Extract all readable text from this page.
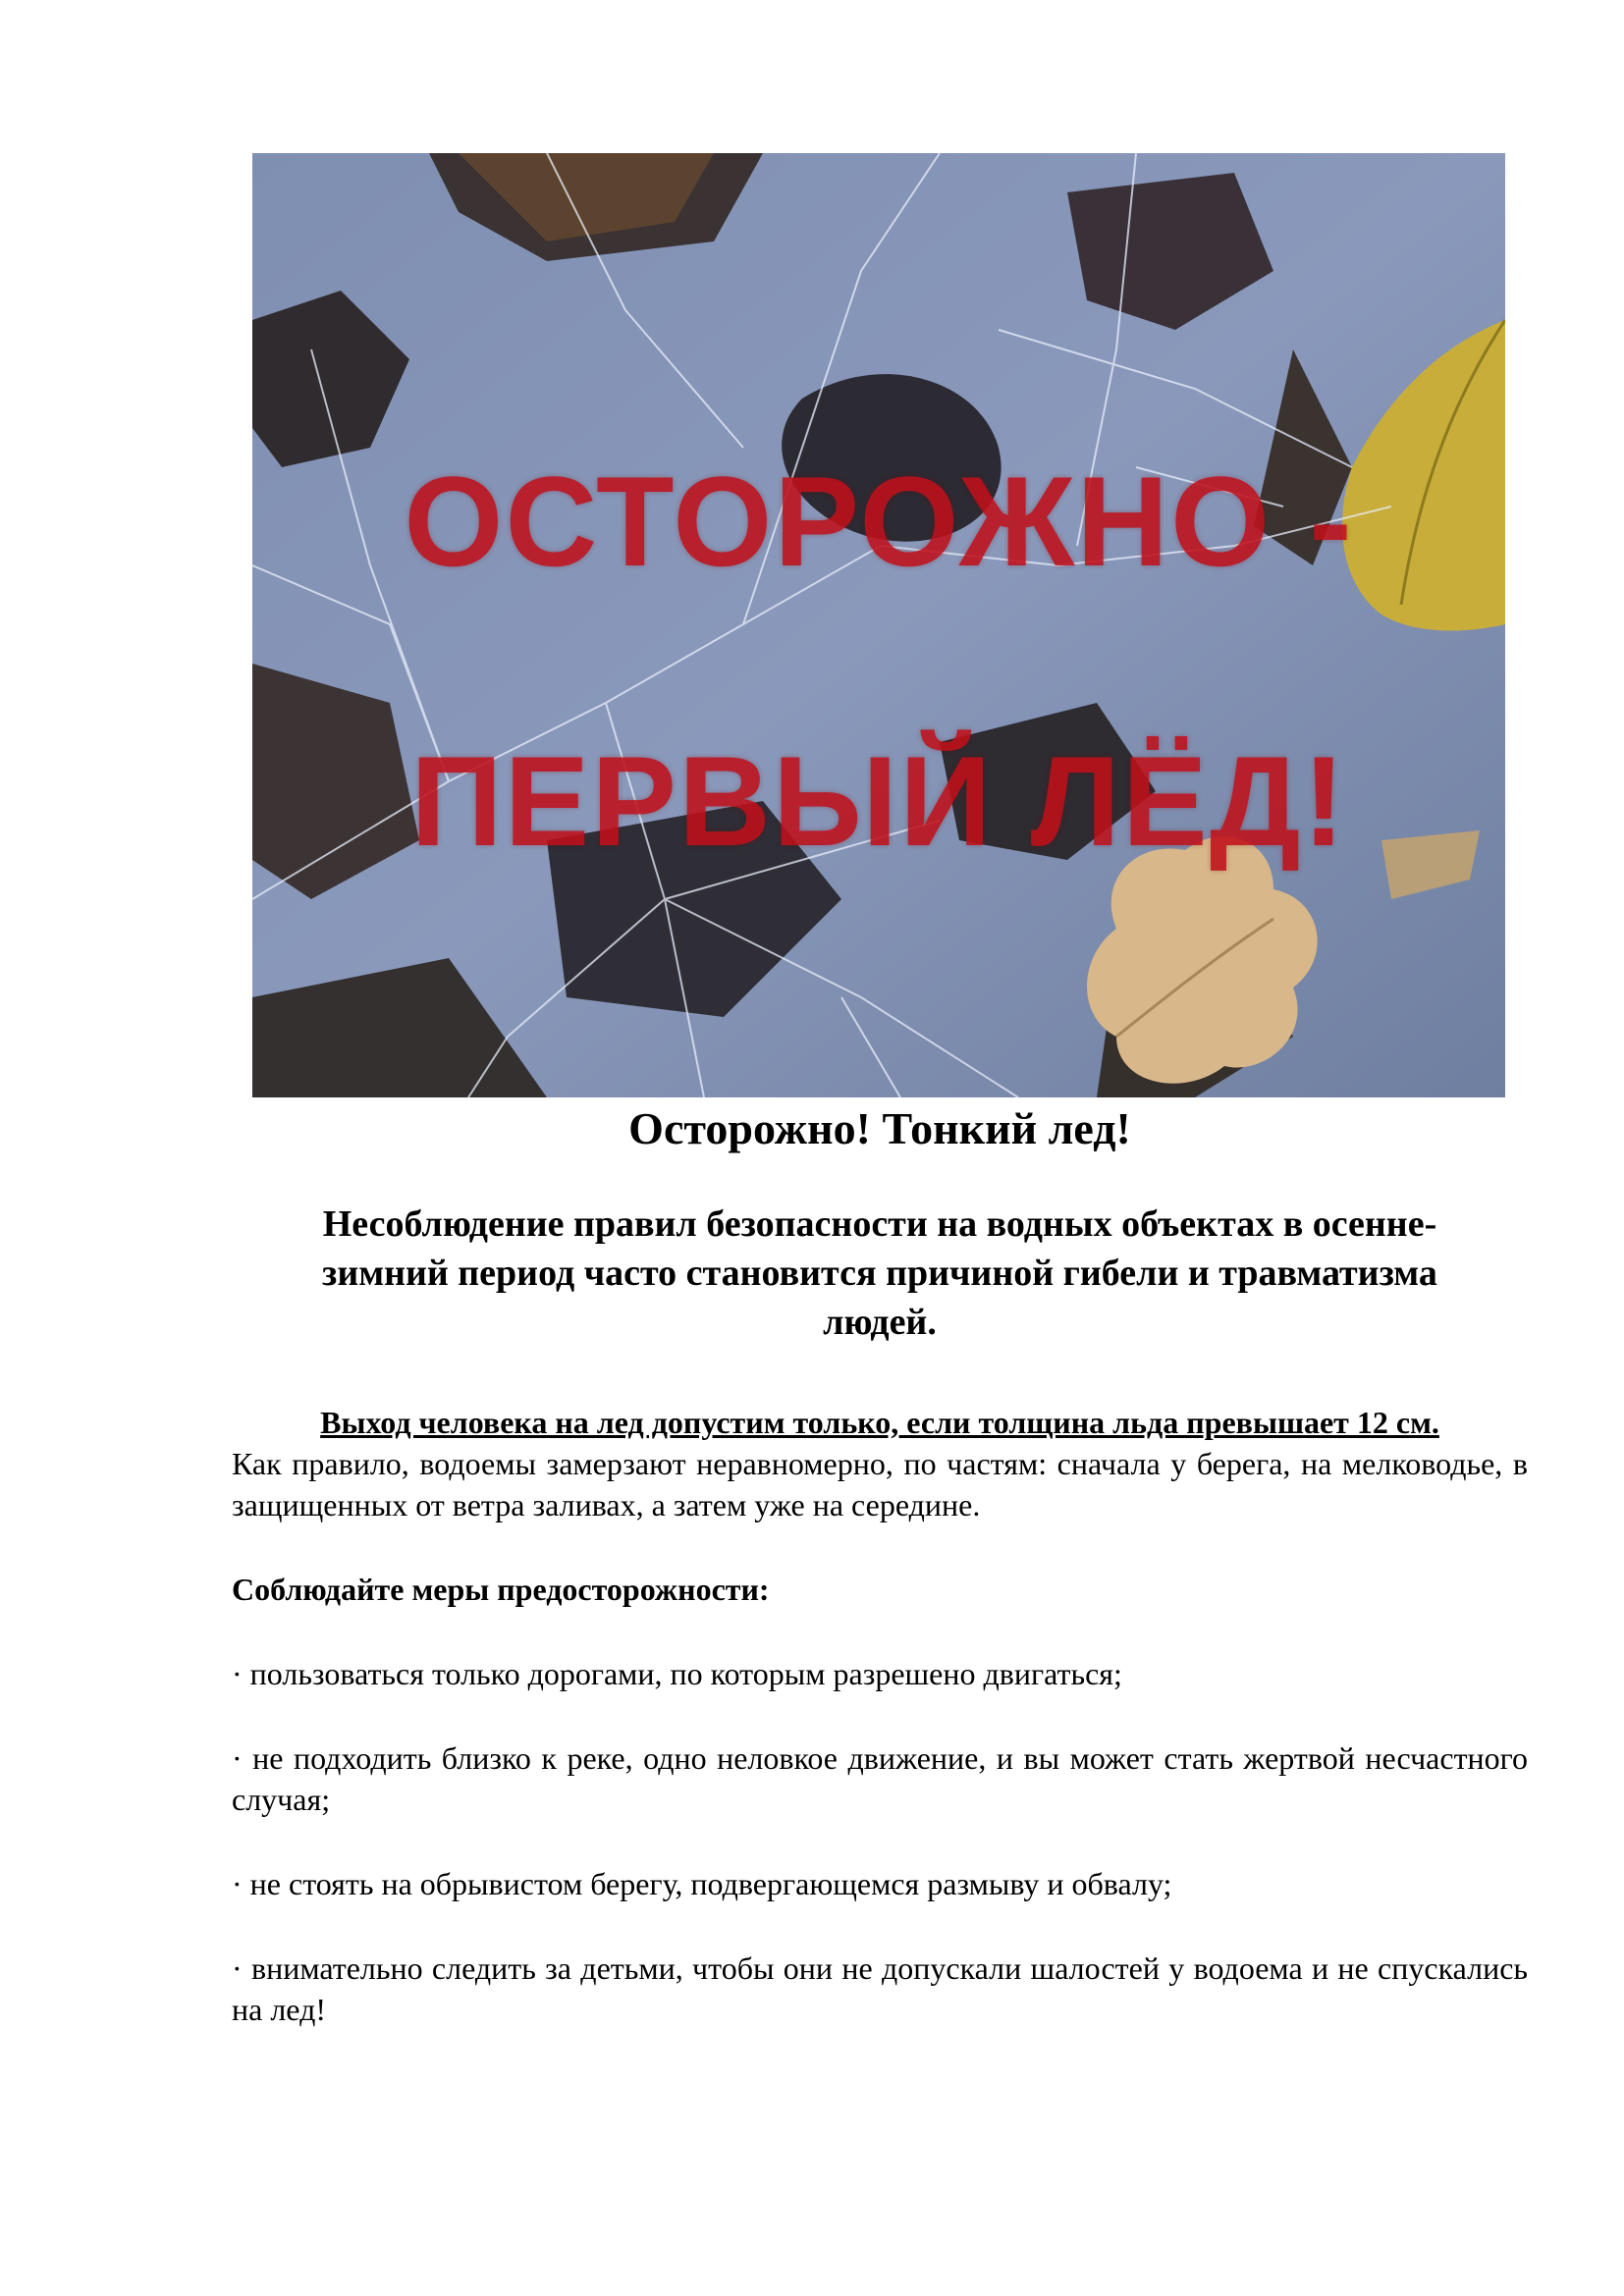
ОСТОРОЖНО -
ПЕРВЫЙ ЛЁД!

Осторожно! Тонкий лед!

Несоблюдение правил безопасности на водных объектах в осенне-зимний период часто становится причиной гибели и травматизма людей.

Выход человека на лед допустим только, если толщина льда превышает 12 см.

Как правило, водоемы замерзают неравномерно, по частям: сначала у берега, на мелководье, в защищенных от ветра заливах, а затем уже на середине.

Соблюдайте меры предосторожности:

· пользоваться только дорогами, по которым разрешено двигаться;
· не подходить близко к реке, одно неловкое движение, и вы может стать жертвой несчастного случая;
· не стоять на обрывистом берегу, подвергающемся размыву и обвалу;
· внимательно следить за детьми, чтобы они не допускали шалостей у водоема и не спускались на лед!
